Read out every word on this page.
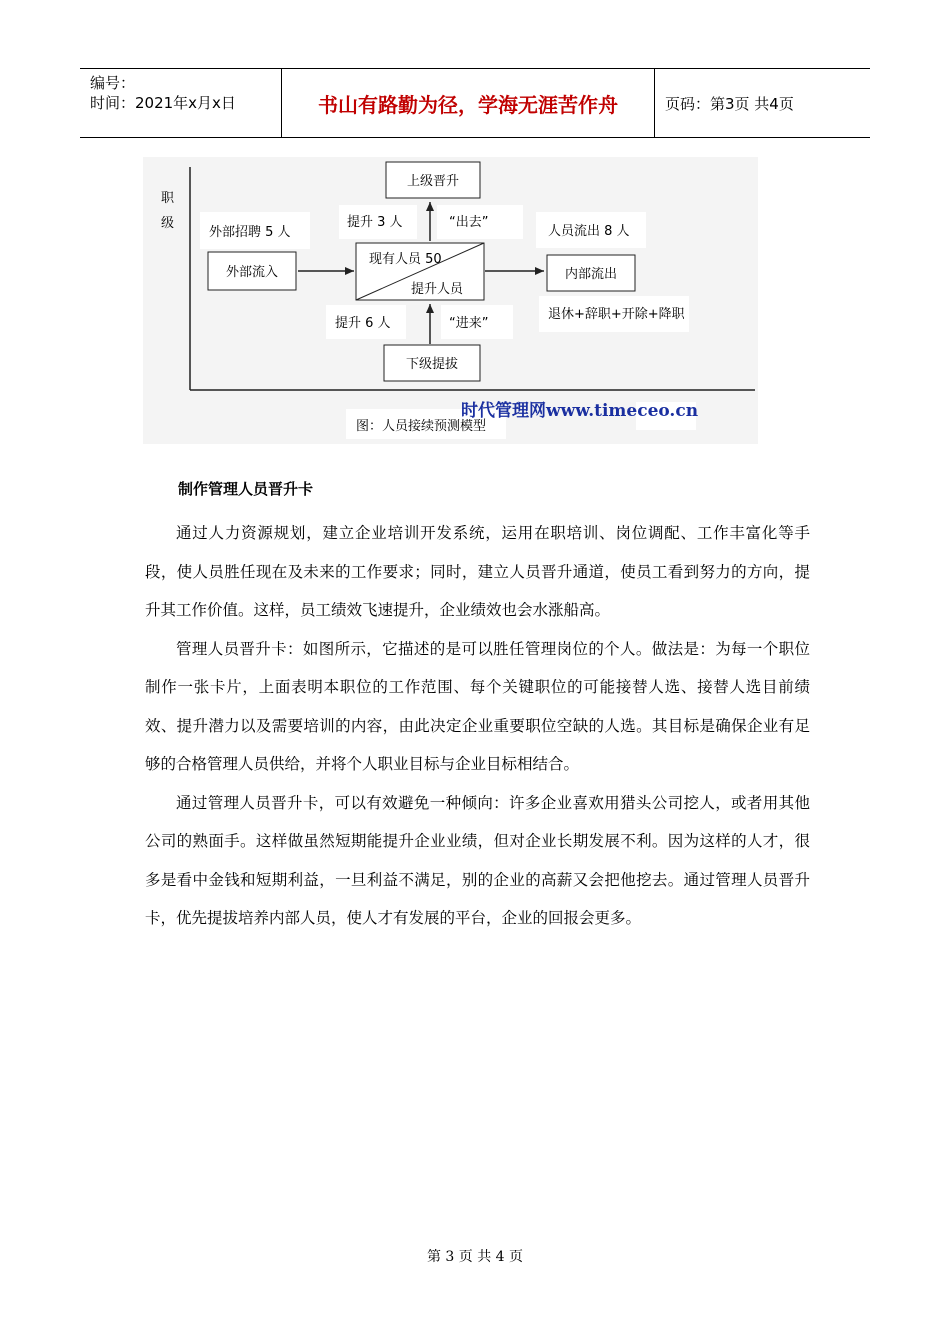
编号：
时间：2021年x月x日	书山有路勤为径，学海无涯苦作舟	页码：第3页 共4页
职
级
上级晋升
提升 3 人	“出去”
外部招聘 5 人
外部流入
现有人员 50
提升人员
人员流出 8 人
内部流出
退休+辞职+开除+降职
提升 6 人	“进来”
下级提拔
图：人员接续预测模型
时代管理网www.timeceo.cn
制作管理人员晋升卡

通过人力资源规划，建立企业培训开发系统，运用在职培训、岗位调配、工作丰富化等手段，使人员胜任现在及未来的工作要求；同时，建立人员晋升通道，使员工看到努力的方向，提升其工作价值。这样，员工绩效飞速提升，企业绩效也会水涨船高。

管理人员晋升卡：如图所示，它描述的是可以胜任管理岗位的个人。做法是：为每一个职位制作一张卡片，上面表明本职位的工作范围、每个关键职位的可能接替人选、接替人选目前绩效、提升潜力以及需要培训的内容，由此决定企业重要职位空缺的人选。其目标是确保企业有足够的合格管理人员供给，并将个人职业目标与企业目标相结合。

通过管理人员晋升卡，可以有效避免一种倾向：许多企业喜欢用猎头公司挖人，或者用其他公司的熟面手。这样做虽然短期能提升企业业绩，但对企业长期发展不利。因为这样的人才，很多是看中金钱和短期利益，一旦利益不满足，别的企业的高薪又会把他挖去。通过管理人员晋升卡，优先提拔培养内部人员，使人才有发展的平台，企业的回报会更多。

第 3 页 共 4 页
